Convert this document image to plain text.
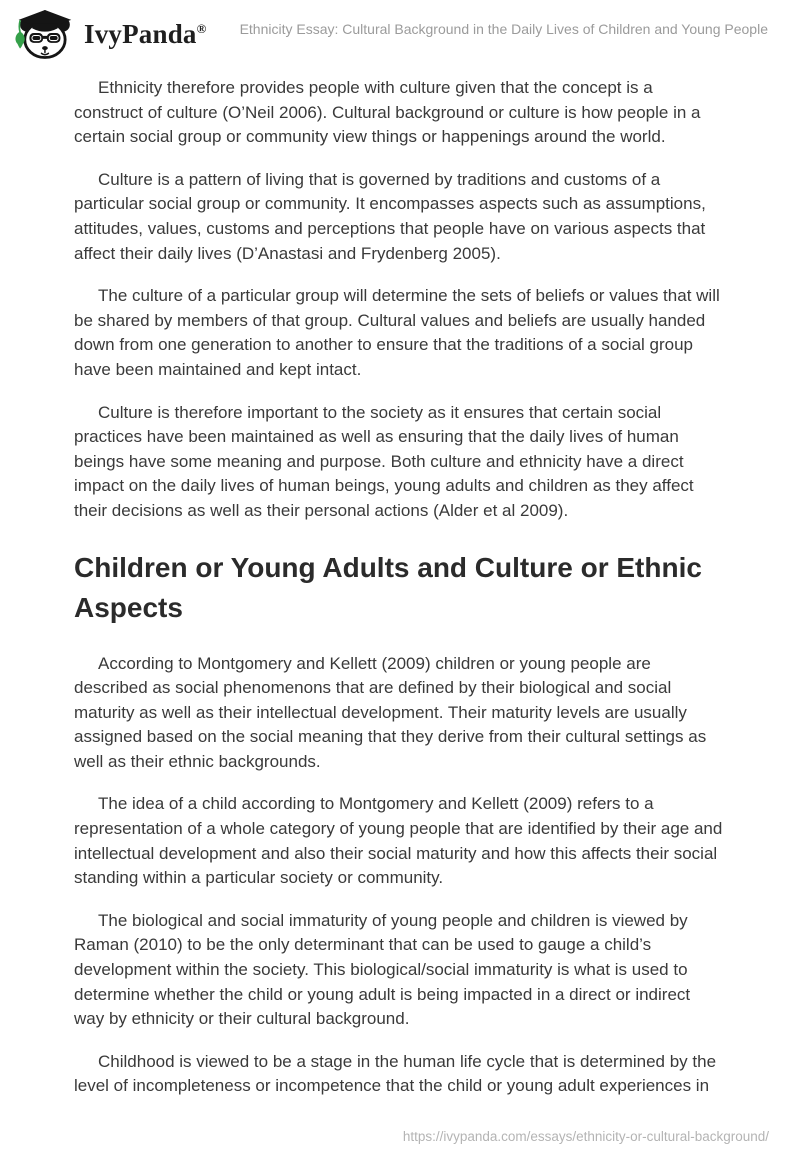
IvyPanda® Ethnicity Essay: Cultural Background in the Daily Lives of Children and Young People

Ethnicity therefore provides people with culture given that the concept is a construct of culture (O’Neil 2006). Cultural background or culture is how people in a certain social group or community view things or happenings around the world.

Culture is a pattern of living that is governed by traditions and customs of a particular social group or community. It encompasses aspects such as assumptions, attitudes, values, customs and perceptions that people have on various aspects that affect their daily lives (D’Anastasi and Frydenberg 2005).

The culture of a particular group will determine the sets of beliefs or values that will be shared by members of that group. Cultural values and beliefs are usually handed down from one generation to another to ensure that the traditions of a social group have been maintained and kept intact.

Culture is therefore important to the society as it ensures that certain social practices have been maintained as well as ensuring that the daily lives of human beings have some meaning and purpose. Both culture and ethnicity have a direct impact on the daily lives of human beings, young adults and children as they affect their decisions as well as their personal actions (Alder et al 2009).

Children or Young Adults and Culture or Ethnic Aspects

According to Montgomery and Kellett (2009) children or young people are described as social phenomenons that are defined by their biological and social maturity as well as their intellectual development. Their maturity levels are usually assigned based on the social meaning that they derive from their cultural settings as well as their ethnic backgrounds.

The idea of a child according to Montgomery and Kellett (2009) refers to a representation of a whole category of young people that are identified by their age and intellectual development and also their social maturity and how this affects their social standing within a particular society or community.

The biological and social immaturity of young people and children is viewed by Raman (2010) to be the only determinant that can be used to gauge a child’s development within the society. This biological/social immaturity is what is used to determine whether the child or young adult is being impacted in a direct or indirect way by ethnicity or their cultural background.

Childhood is viewed to be a stage in the human life cycle that is determined by the level of incompleteness or incompetence that the child or young adult experiences in

https://ivypanda.com/essays/ethnicity-or-cultural-background/
